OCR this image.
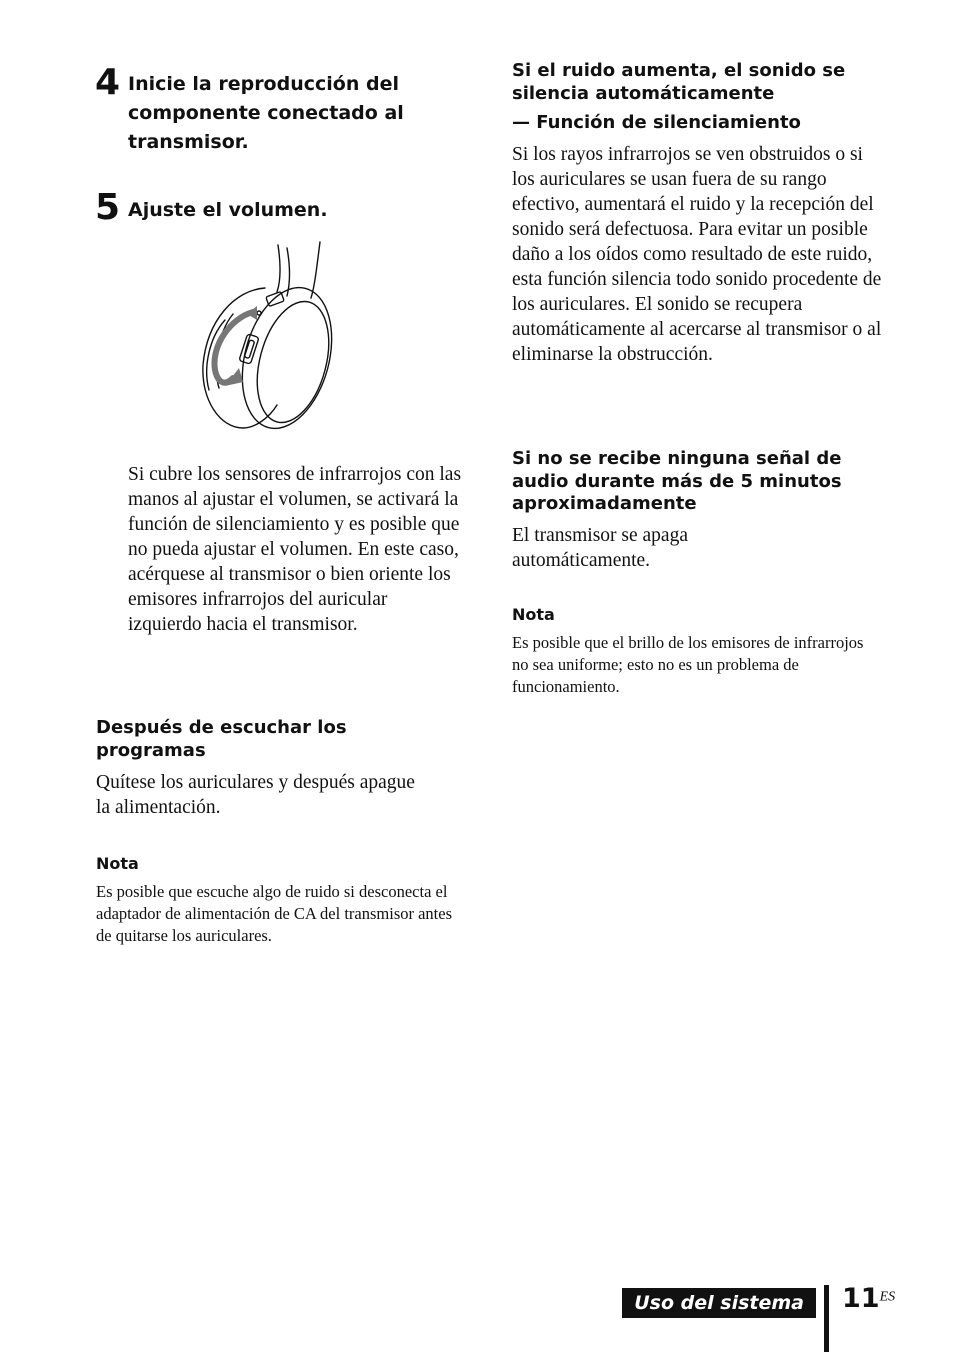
4 Inicie la reproducción del componente conectado al transmisor.
5 Ajuste el volumen.
Si cubre los sensores de infrarrojos con las manos al ajustar el volumen, se activará la función de silenciamiento y es posible que no pueda ajustar el volumen. En este caso, acérquese al transmisor o bien oriente los emisores infrarrojos del auricular izquierdo hacia el transmisor.
Después de escuchar los programas
Quítese los auriculares y después apague la alimentación.
Nota
Es posible que escuche algo de ruido si desconecta el adaptador de alimentación de CA del transmisor antes de quitarse los auriculares.
Si el ruido aumenta, el sonido se silencia automáticamente
— Función de silenciamiento
Si los rayos infrarrojos se ven obstruidos o si los auriculares se usan fuera de su rango efectivo, aumentará el ruido y la recepción del sonido será defectuosa. Para evitar un posible daño a los oídos como resultado de este ruido, esta función silencia todo sonido procedente de los auriculares. El sonido se recupera automáticamente al acercarse al transmisor o al eliminarse la obstrucción.
Si no se recibe ninguna señal de audio durante más de 5 minutos aproximadamente
El transmisor se apaga automáticamente.
Nota
Es posible que el brillo de los emisores de infrarrojos no sea uniforme; esto no es un problema de funcionamiento.
Uso del sistema	$11^{ES}$
